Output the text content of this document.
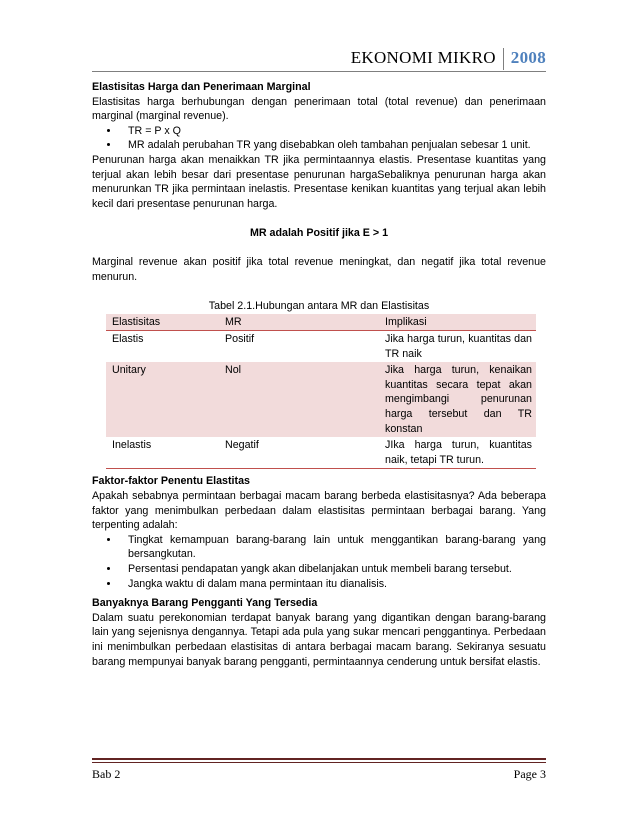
EKONOMI MIKRO 2008

Elastisitas Harga dan Penerimaan Marginal

Elastisitas harga berhubungan dengan penerimaan total (total revenue) dan penerimaan marginal (marginal revenue).

• TR = P x Q
• MR adalah perubahan TR yang disebabkan oleh tambahan penjualan sebesar 1 unit.

Penurunan harga akan menaikkan TR jika permintaannya elastis. Presentase kuantitas yang terjual akan lebih besar dari presentase penurunan hargaSebaliknya penurunan harga akan menurunkan TR jika permintaan inelastis. Presentase kenikan kuantitas yang terjual akan lebih kecil dari presentase penurunan harga.

MR adalah Positif jika E > 1

Marginal revenue akan positif jika total revenue meningkat, dan negatif jika total revenue menurun.

Tabel 2.1.Hubungan antara MR dan Elastisitas

Elastisitas	MR	Implikasi
Elastis	Positif	Jika harga turun, kuantitas dan TR naik
Unitary	Nol	Jika harga turun, kenaikan kuantitas secara tepat akan mengimbangi penurunan harga tersebut dan TR konstan
Inelastis	Negatif	JIka harga turun, kuantitas naik, tetapi TR turun.

Faktor-faktor Penentu Elastitas

Apakah sebabnya permintaan berbagai macam barang berbeda elastisitasnya? Ada beberapa faktor yang menimbulkan perbedaan dalam elastisitas permintaan berbagai barang. Yang terpenting adalah:

• Tingkat kemampuan barang-barang lain untuk menggantikan barang-barang yang bersangkutan.
• Persentasi pendapatan yangk akan dibelanjakan untuk membeli barang tersebut.
• Jangka waktu di dalam mana permintaan itu dianalisis.

Banyaknya Barang Pengganti Yang Tersedia

Dalam suatu perekonomian terdapat banyak barang yang digantikan dengan barang-barang lain yang sejenisnya dengannya. Tetapi ada pula yang sukar mencari penggantinya. Perbedaan ini menimbulkan perbedaan elastisitas di antara berbagai macam barang. Sekiranya sesuatu barang mempunyai banyak barang pengganti, permintaannya cenderung untuk bersifat elastis.

Bab 2	Page 3
